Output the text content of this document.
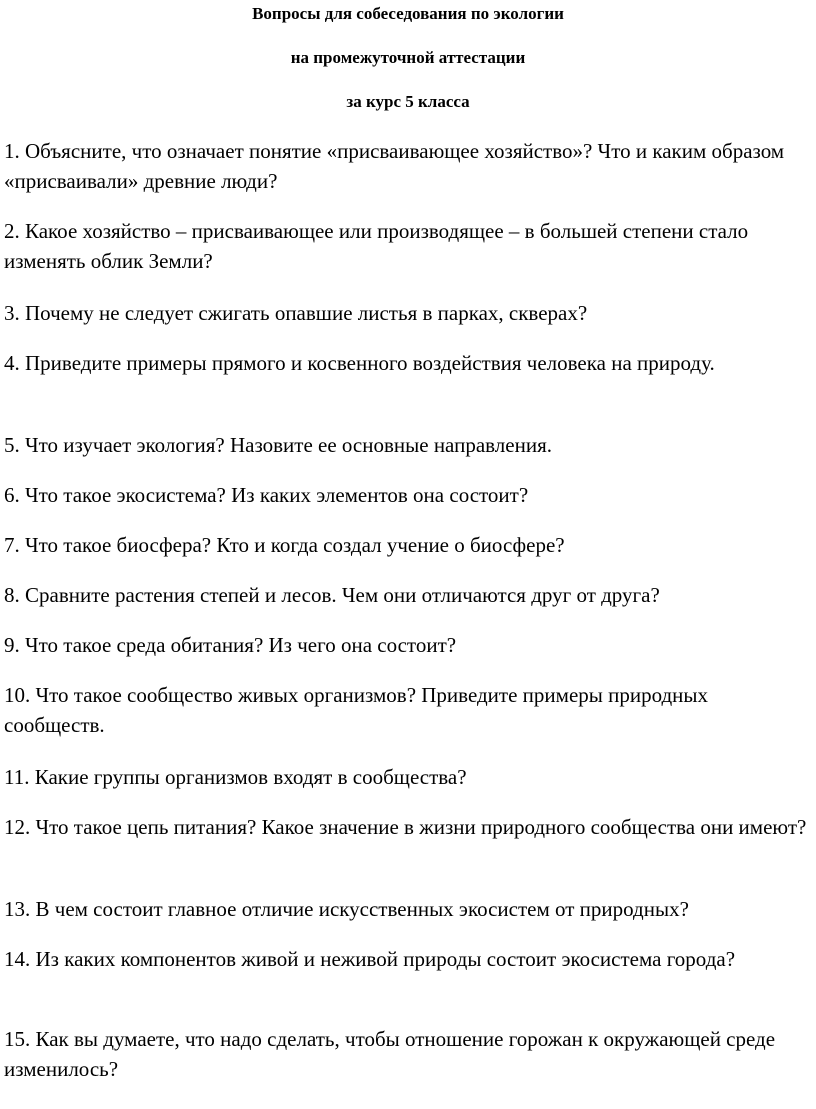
Вопросы для собеседования по экологии
на промежуточной аттестации
за курс 5 класса

1. Объясните, что означает понятие «присваивающее хозяйство»? Что и каким образом «присваивали» древние люди?

2. Какое хозяйство – присваивающее или производящее – в большей степени стало изменять облик Земли?

3. Почему не следует сжигать опавшие листья в парках, скверах?

4. Приведите примеры прямого и косвенного воздействия человека на природу.

5. Что изучает экология? Назовите ее основные направления.

6. Что такое экосистема? Из каких элементов она состоит?

7. Что такое биосфера? Кто и когда создал учение о биосфере?

8. Сравните растения степей и лесов. Чем они отличаются друг от друга?

9. Что такое среда обитания? Из чего она состоит?

10. Что такое сообщество живых организмов? Приведите примеры природных сообществ.

11. Какие группы организмов входят в сообщества?

12. Что такое цепь питания? Какое значение в жизни природного сообщества они имеют?

13. В чем состоит главное отличие искусственных экосистем от природных?

14. Из каких компонентов живой и неживой природы состоит экосистема города?

15. Как вы думаете, что надо сделать, чтобы отношение горожан к окружающей среде изменилось?
